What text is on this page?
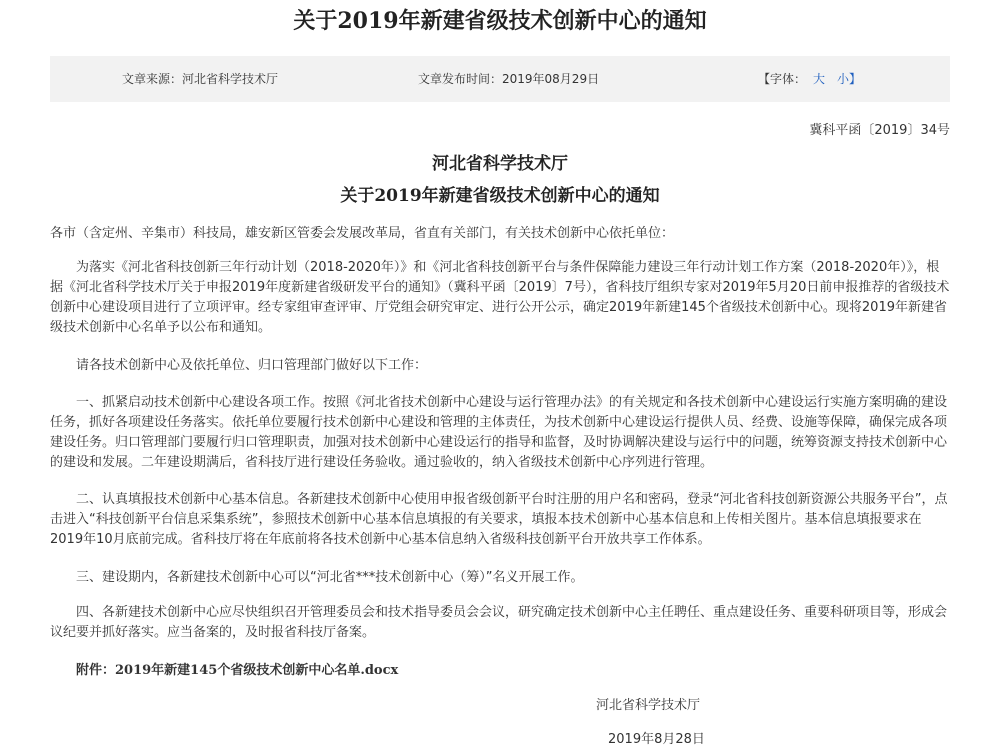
关于2019年新建省级技术创新中心的通知
文章来源：河北省科学技术厅	文章发布时间：2019年08月29日	【字体： 大 小】
冀科平函〔2019〕34号
河北省科学技术厅
关于2019年新建省级技术创新中心的通知

各市（含定州、辛集市）科技局，雄安新区管委会发展改革局，省直有关部门，有关技术创新中心依托单位：

为落实《河北省科技创新三年行动计划（2018-2020年）》和《河北省科技创新平台与条件保障能力建设三年行动计划工作方案（2018-2020年）》，根据《河北省科学技术厅关于申报2019年度新建省级研发平台的通知》（冀科平函〔2019〕7号），省科技厅组织专家对2019年5月20日前申报推荐的省级技术创新中心建设项目进行了立项评审。经专家组审查评审、厅党组会研究审定、进行公开公示，确定2019年新建145个省级技术创新中心。现将2019年新建省级技术创新中心名单予以公布和通知。

请各技术创新中心及依托单位、归口管理部门做好以下工作：

一、抓紧启动技术创新中心建设各项工作。按照《河北省技术创新中心建设与运行管理办法》的有关规定和各技术创新中心建设运行实施方案明确的建设任务，抓好各项建设任务落实。依托单位要履行技术创新中心建设和管理的主体责任，为技术创新中心建设运行提供人员、经费、设施等保障，确保完成各项建设任务。归口管理部门要履行归口管理职责，加强对技术创新中心建设运行的指导和监督，及时协调解决建设与运行中的问题，统筹资源支持技术创新中心的建设和发展。二年建设期满后，省科技厅进行建设任务验收。通过验收的，纳入省级技术创新中心序列进行管理。

二、认真填报技术创新中心基本信息。各新建技术创新中心使用申报省级创新平台时注册的用户名和密码，登录“河北省科技创新资源公共服务平台”，点击进入“科技创新平台信息采集系统”，参照技术创新中心基本信息填报的有关要求，填报本技术创新中心基本信息和上传相关图片。基本信息填报要求在2019年10月底前完成。省科技厅将在年底前将各技术创新中心基本信息纳入省级科技创新平台开放共享工作体系。

三、建设期内，各新建技术创新中心可以“河北省***技术创新中心（筹）”名义开展工作。

四、各新建技术创新中心应尽快组织召开管理委员会和技术指导委员会会议，研究确定技术创新中心主任聘任、重点建设任务、重要科研项目等，形成会议纪要并抓好落实。应当备案的，及时报省科技厅备案。

附件：2019年新建145个省级技术创新中心名单.docx

河北省科学技术厅

2019年8月28日
